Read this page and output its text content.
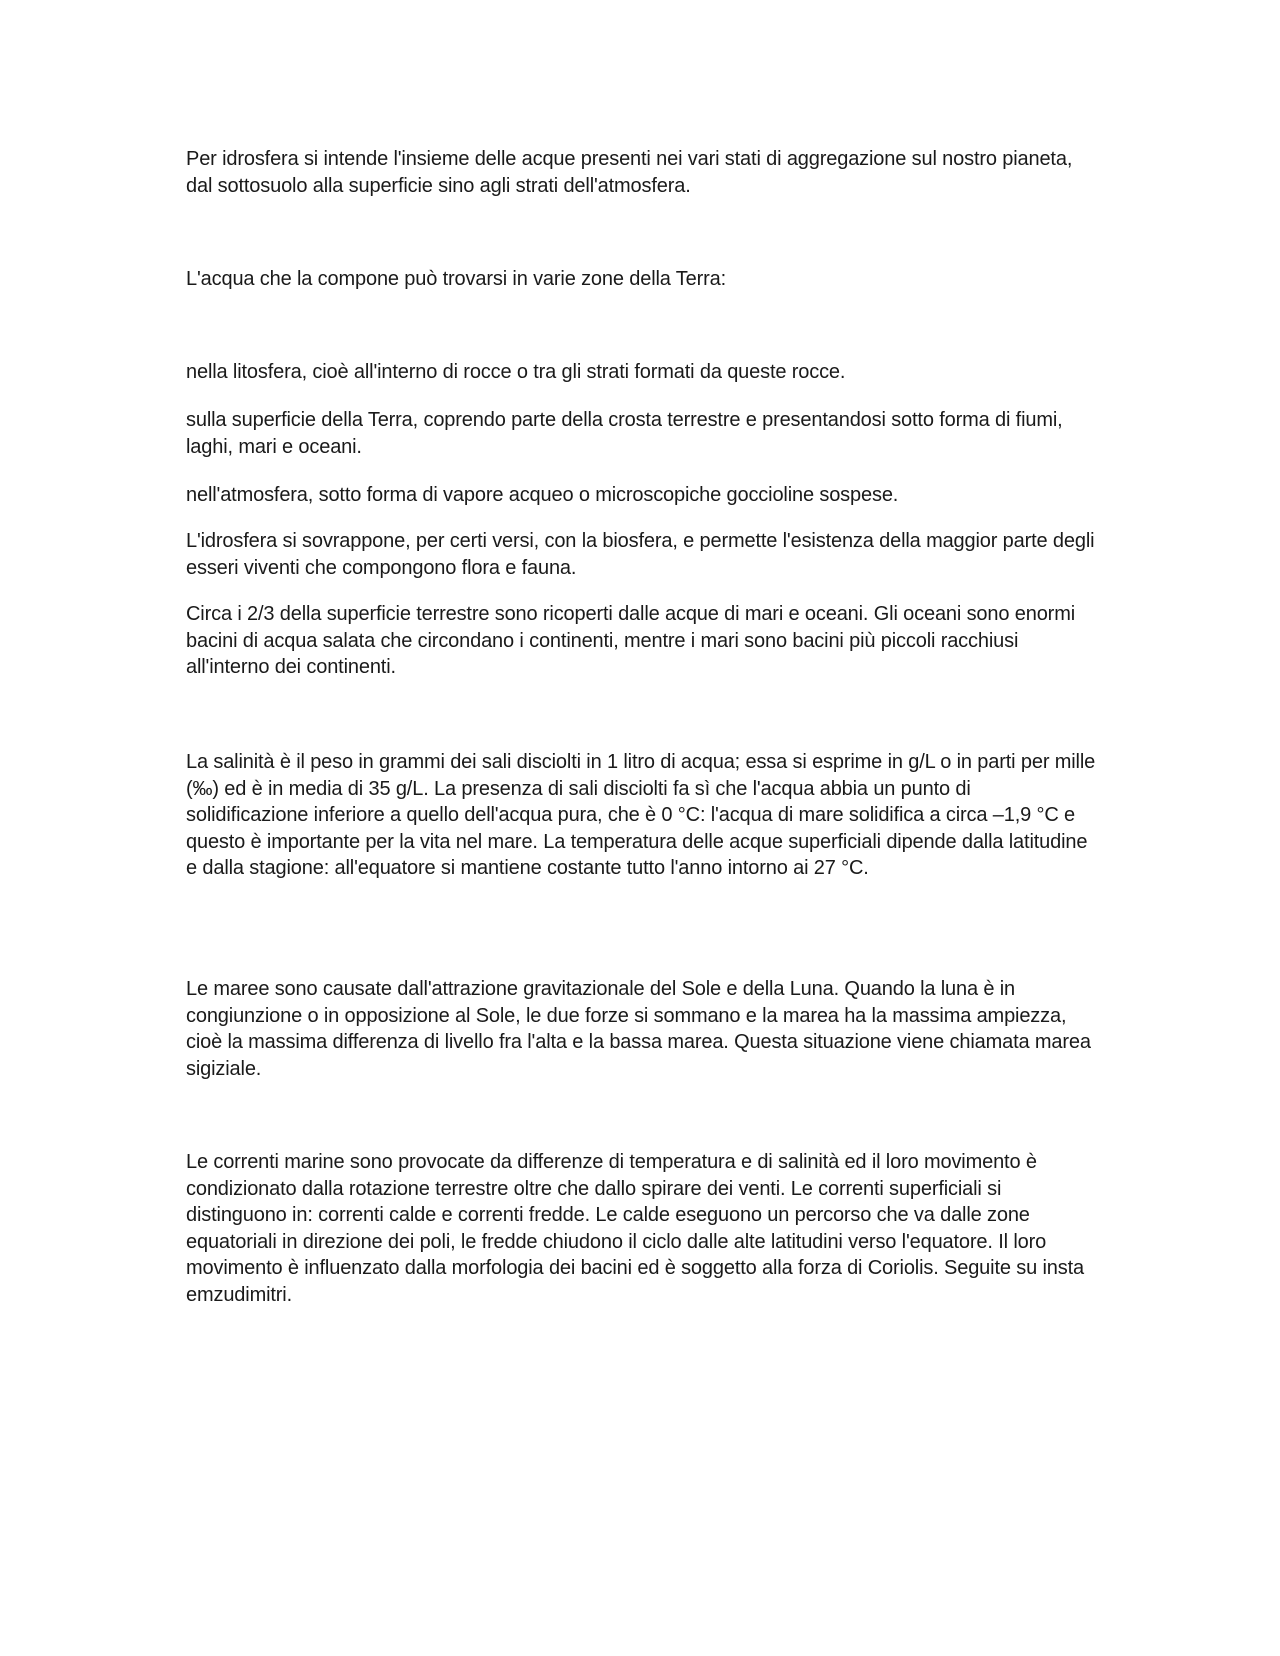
Per idrosfera si intende l'insieme delle acque presenti nei vari stati di aggregazione sul nostro pianeta, dal sottosuolo alla superficie sino agli strati dell'atmosfera.

L'acqua che la compone può trovarsi in varie zone della Terra:

nella litosfera, cioè all'interno di rocce o tra gli strati formati da queste rocce.

sulla superficie della Terra, coprendo parte della crosta terrestre e presentandosi sotto forma di fiumi, laghi, mari e oceani.

nell'atmosfera, sotto forma di vapore acqueo o microscopiche goccioline sospese.

L'idrosfera si sovrappone, per certi versi, con la biosfera, e permette l'esistenza della maggior parte degli esseri viventi che compongono flora e fauna.

Circa i 2/3 della superficie terrestre sono ricoperti dalle acque di mari e oceani. Gli oceani sono enormi bacini di acqua salata che circondano i continenti, mentre i mari sono bacini più piccoli racchiusi all'interno dei continenti.

La salinità è il peso in grammi dei sali disciolti in 1 litro di acqua; essa si esprime in g/L o in parti per mille (‰) ed è in media di 35 g/L. La presenza di sali disciolti fa sì che l'acqua abbia un punto di solidificazione inferiore a quello dell'acqua pura, che è 0 °C: l'acqua di mare solidifica a circa –1,9 °C e questo è importante per la vita nel mare. La temperatura delle acque superficiali dipende dalla latitudine e dalla stagione: all'equatore si mantiene costante tutto l'anno intorno ai 27 °C.

Le maree sono causate dall'attrazione gravitazionale del Sole e della Luna. Quando la luna è in congiunzione o in opposizione al Sole, le due forze si sommano e la marea ha la massima ampiezza, cioè la massima differenza di livello fra l'alta e la bassa marea. Questa situazione viene chiamata marea sigiziale.

Le correnti marine sono provocate da differenze di temperatura e di salinità ed il loro movimento è condizionato dalla rotazione terrestre oltre che dallo spirare dei venti. Le correnti superficiali si distinguono in: correnti calde e correnti fredde. Le calde eseguono un percorso che va dalle zone equatoriali in direzione dei poli, le fredde chiudono il ciclo dalle alte latitudini verso l'equatore. Il loro movimento è influenzato dalla morfologia dei bacini ed è soggetto alla forza di Coriolis. Seguite su insta emzudimitri.
